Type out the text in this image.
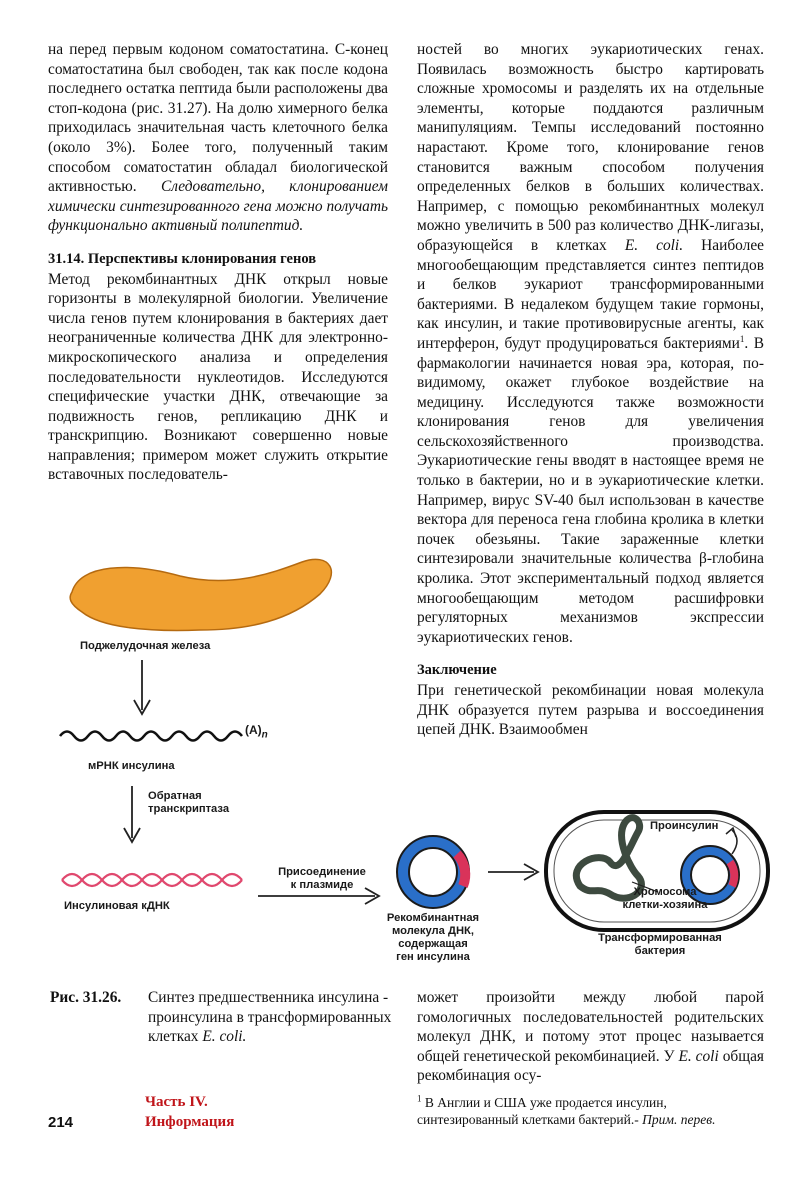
на перед первым кодоном соматостатина. С-конец соматостатина был свободен, так как после кодона последнего остатка пептида были расположены два стоп-кодона (рис. 31.27). На долю химерного белка приходилась значительная часть клеточного белка (около 3%). Более того, полученный таким способом соматостатин обладал биологической активностью. Следовательно, клонированием химически синтезированного гена можно получать функционально активный полипептид.

31.14. Перспективы клонирования генов

Метод рекомбинантных ДНК открыл новые горизонты в молекулярной биологии. Увеличение числа генов путем клонирования в бактериях дает неограниченные количества ДНК для электронно-микроскопического анализа и определения последовательности нуклеотидов. Исследуются специфические участки ДНК, отвечающие за подвижность генов, репликацию ДНК и транскрипцию. Возникают совершенно новые направления; примером может служить открытие вставочных последователь-

ностей во многих эукариотических генах. Появилась возможность быстро картировать сложные хромосомы и разделять их на отдельные элементы, которые поддаются различным манипуляциям. Темпы исследований постоянно нарастают. Кроме того, клонирование генов становится важным способом получения определенных белков в больших количествах. Например, с помощью рекомбинантных молекул можно увеличить в 500 раз количество ДНК-лигазы, образующейся в клетках E. coli. Наиболее многообещающим представляется синтез пептидов и белков эукариот трансформированными бактериями. В недалеком будущем такие гормоны, как инсулин, и такие противовирусные агенты, как интерферон, будут продуцироваться бактериями$^1$. В фармакологии начинается новая эра, которая, по-видимому, окажет глубокое воздействие на медицину. Исследуются также возможности клонирования генов для увеличения сельскохозяйственного производства. Эукариотические гены вводят в настоящее время не только в бактерии, но и в эукариотические клетки. Например, вирус SV-40 был использован в качестве вектора для переноса гена глобина кролика в клетки почек обезьяны. Такие зараженные клетки синтезировали значительные количества β-глобина кролика. Этот экспериментальный подход является многообещающим методом расшифровки регуляторных механизмов экспрессии эукариотических генов.

Заключение

При генетической рекомбинации новая молекула ДНК образуется путем разрыва и воссоединения цепей ДНК. Взаимообмен

Поджелудочная железа
$(A)_n$
мРНК инсулина
Обратная
транскриптаза
Инсулиновая кДНК
Присоединение
к плазмиде
Рекомбинантная
молекула ДНК,
содержащая
ген инсулина
Проинсулин
Хромосома
клетки-хозяина
Трансформированная
бактерия
Рис. 31.26. Синтез предшественника инсулина - проинсулина в трансформированных клетках E. coli.
может произойти между любой парой гомологичных последовательностей родительских молекул ДНК, и потому этот процес называется общей генетической рекомбинацией. У E. coli общая рекомбинация осу-
$^1$ В Англии и США уже продается инсулин, синтезированный клетками бактерий.- Прим. перев.
214
Часть IV.
Информация
